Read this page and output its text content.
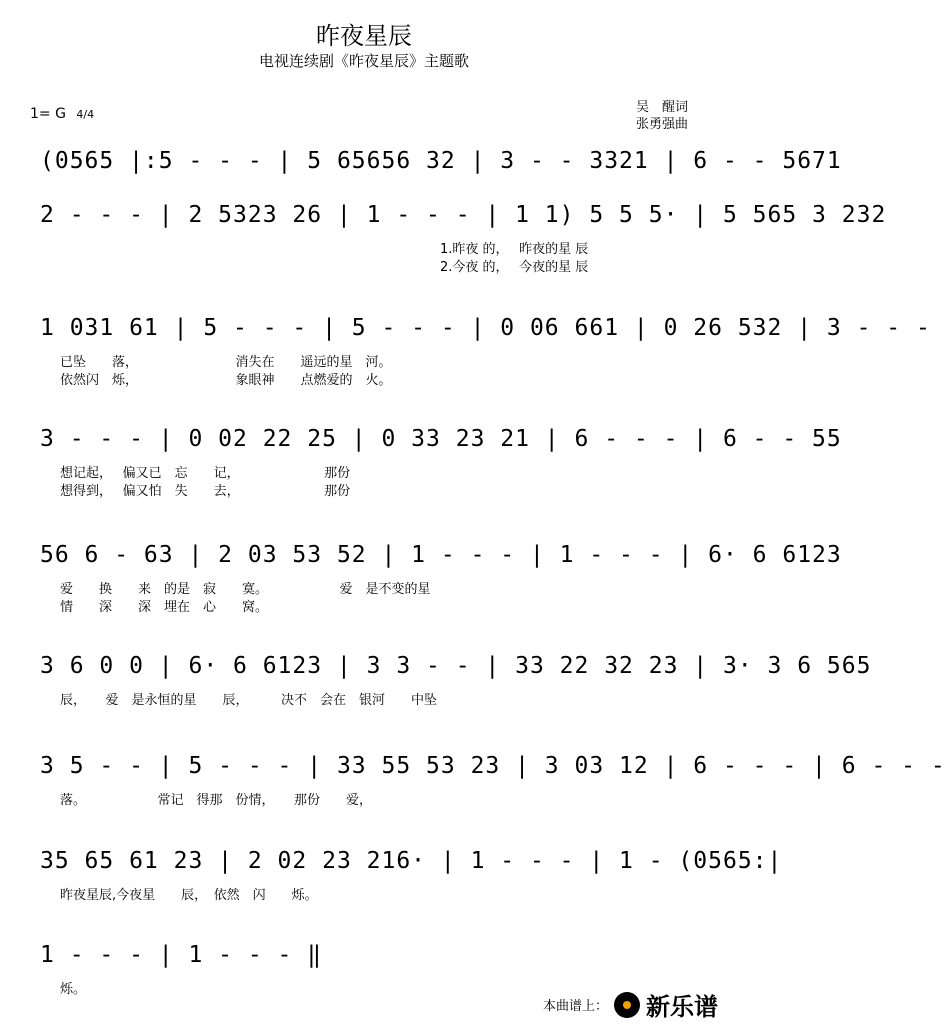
昨夜星辰
电视连续剧《昨夜星辰》主题歌
1= G 4/4	吴　醒词
张勇强曲
(0565 |:5 - - - | 5 65656 32 | 3 - - 3321 | 6 - - 5671
2 - - - | 2 5323 26 | 1 - - - | 1 1) 5 5 5· | 5 565 3 232
1.昨夜 的，　 昨夜的星 辰
2.今夜 的，　 今夜的星 辰
1 031 61 | 5 - - - | 5 - - - | 0 06 661 | 0 26 532 | 3 - - -
已坠　　落，　　　　　　　　消失在　　遥远的星　河。
依然闪　烁，　　　　　　　　象眼神　　点燃爱的　火。
3 - - - | 0 02 22 25 | 0 33 23 21 | 6 - - - | 6 - - 55
想记起，　 偏又已　忘　　记，　　　　　　　那份
想得到，　 偏又怕　失　　去，　　　　　　　那份
56 6 - 63 | 2 03 53 52 | 1 - - - | 1 - - - | 6· 6 6123
爱　　换　　来　的是　寂　　寞。　　　　　　爱　是不变的星
情　　深　　深　埋在　心　　窝。
3 6 0 0 | 6· 6 6123 | 3 3 - - | 33 22 32 23 | 3· 3 6 565
辰，　　爱　是永恒的星　　辰，　　　决不　会在　银河　　中坠
3 5 - - | 5 - - - | 33 55 53 23 | 3 03 12 | 6 - - - | 6 - - -
落。　　　　　　常记　得那　份情，　　那份　　爱，
35 65 61 23 | 2 02 23 216· | 1 - - - | 1 - (0565:|
昨夜星辰,今夜星　　辰，　依然　闪　　烁。
1 - - - | 1 - - - ‖
烁。
本曲谱上： 新乐谱
